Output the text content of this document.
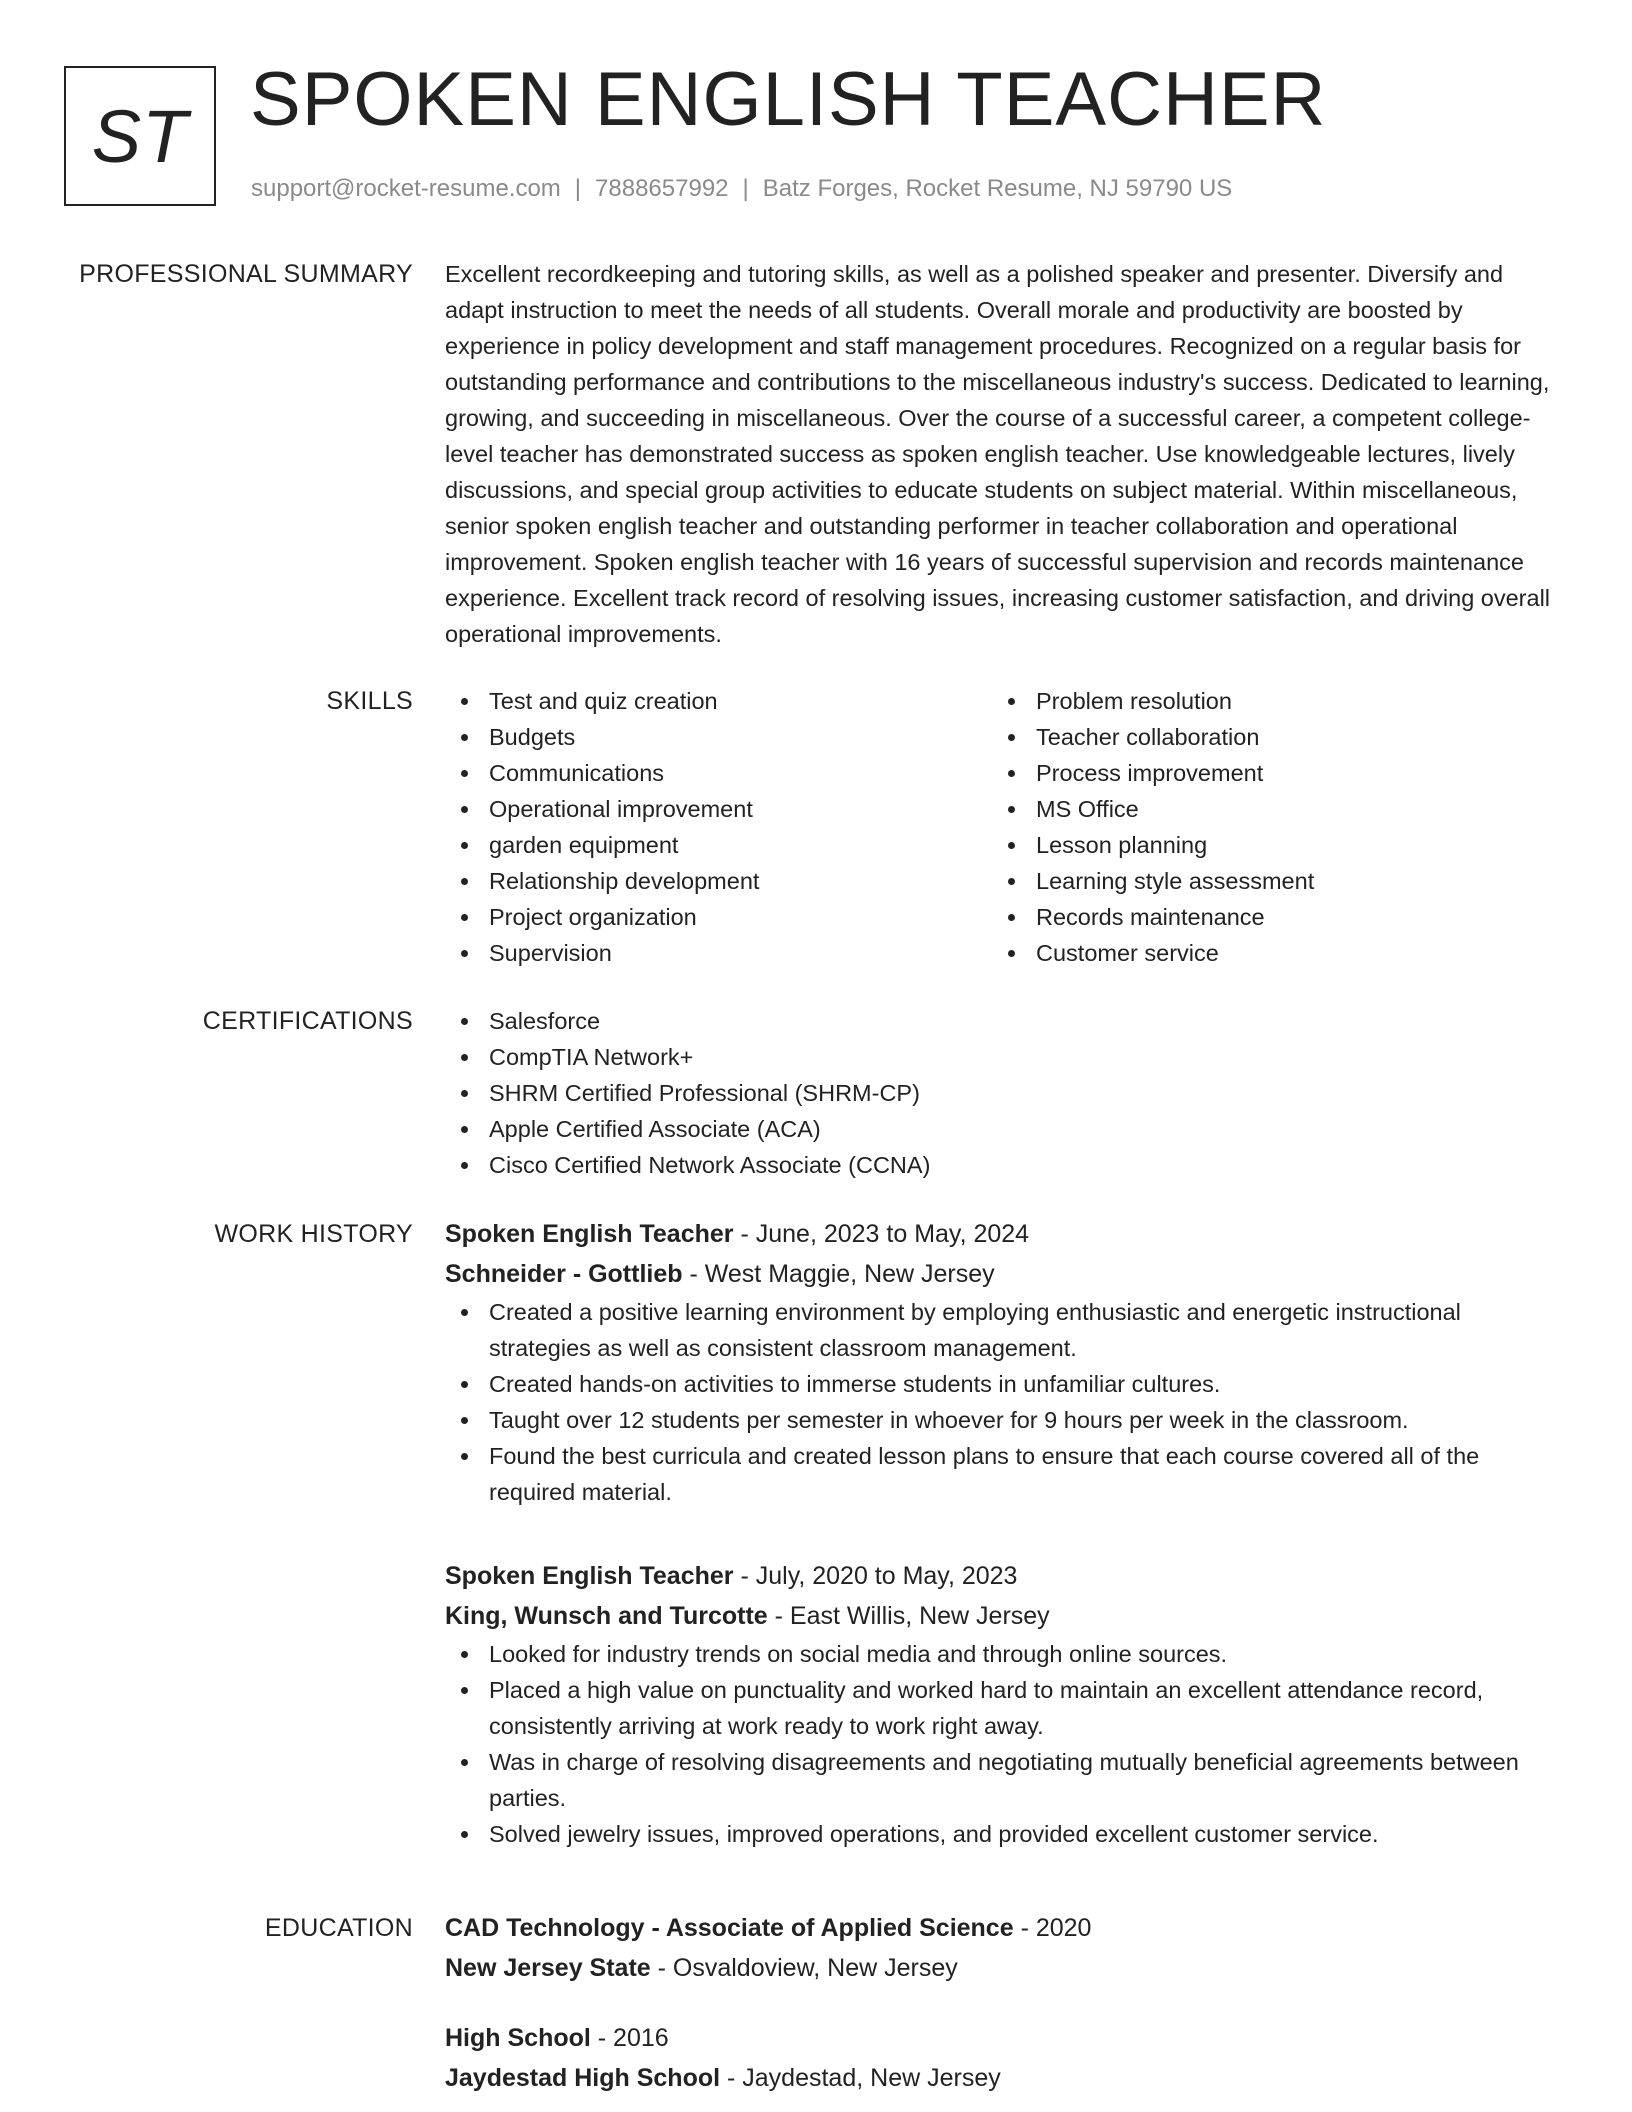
ST SPOKEN ENGLISH TEACHER
support@rocket-resume.com | 7888657992 | Batz Forges, Rocket Resume, NJ 59790 US
PROFESSIONAL SUMMARY Excellent recordkeeping and tutoring skills, as well as a polished speaker and presenter. Diversify and adapt instruction to meet the needs of all students. Overall morale and productivity are boosted by experience in policy development and staff management procedures. Recognized on a regular basis for outstanding performance and contributions to the miscellaneous industry's success. Dedicated to learning, growing, and succeeding in miscellaneous. Over the course of a successful career, a competent college-level teacher has demonstrated success as spoken english teacher. Use knowledgeable lectures, lively discussions, and special group activities to educate students on subject material. Within miscellaneous, senior spoken english teacher and outstanding performer in teacher collaboration and operational improvement. Spoken english teacher with 16 years of successful supervision and records maintenance experience. Excellent track record of resolving issues, increasing customer satisfaction, and driving overall operational improvements.

SKILLS	Test and quiz creation
Budgets
Communications
Operational improvement
garden equipment
Relationship development
Project organization
Supervision
Problem resolution
Teacher collaboration
Process improvement
MS Office
Lesson planning
Learning style assessment
Records maintenance
Customer service
CERTIFICATIONS	Salesforce
CompTIA Network+
SHRM Certified Professional (SHRM-CP)
Apple Certified Associate (ACA)
Cisco Certified Network Associate (CCNA)
WORK HISTORY Spoken English Teacher - June, 2023 to May, 2024
Schneider - Gottlieb - West Maggie, New Jersey
Created a positive learning environment by employing enthusiastic and energetic instructional strategies as well as consistent classroom management.
Created hands-on activities to immerse students in unfamiliar cultures.
Taught over 12 students per semester in whoever for 9 hours per week in the classroom.
Found the best curricula and created lesson plans to ensure that each course covered all of the required material.
Spoken English Teacher - July, 2020 to May, 2023
King, Wunsch and Turcotte - East Willis, New Jersey
Looked for industry trends on social media and through online sources.
Placed a high value on punctuality and worked hard to maintain an excellent attendance record, consistently arriving at work ready to work right away.
Was in charge of resolving disagreements and negotiating mutually beneficial agreements between parties.
Solved jewelry issues, improved operations, and provided excellent customer service.
EDUCATION CAD Technology - Associate of Applied Science - 2020
New Jersey State - Osvaldoview, New Jersey
High School - 2016
Jaydestad High School - Jaydestad, New Jersey
